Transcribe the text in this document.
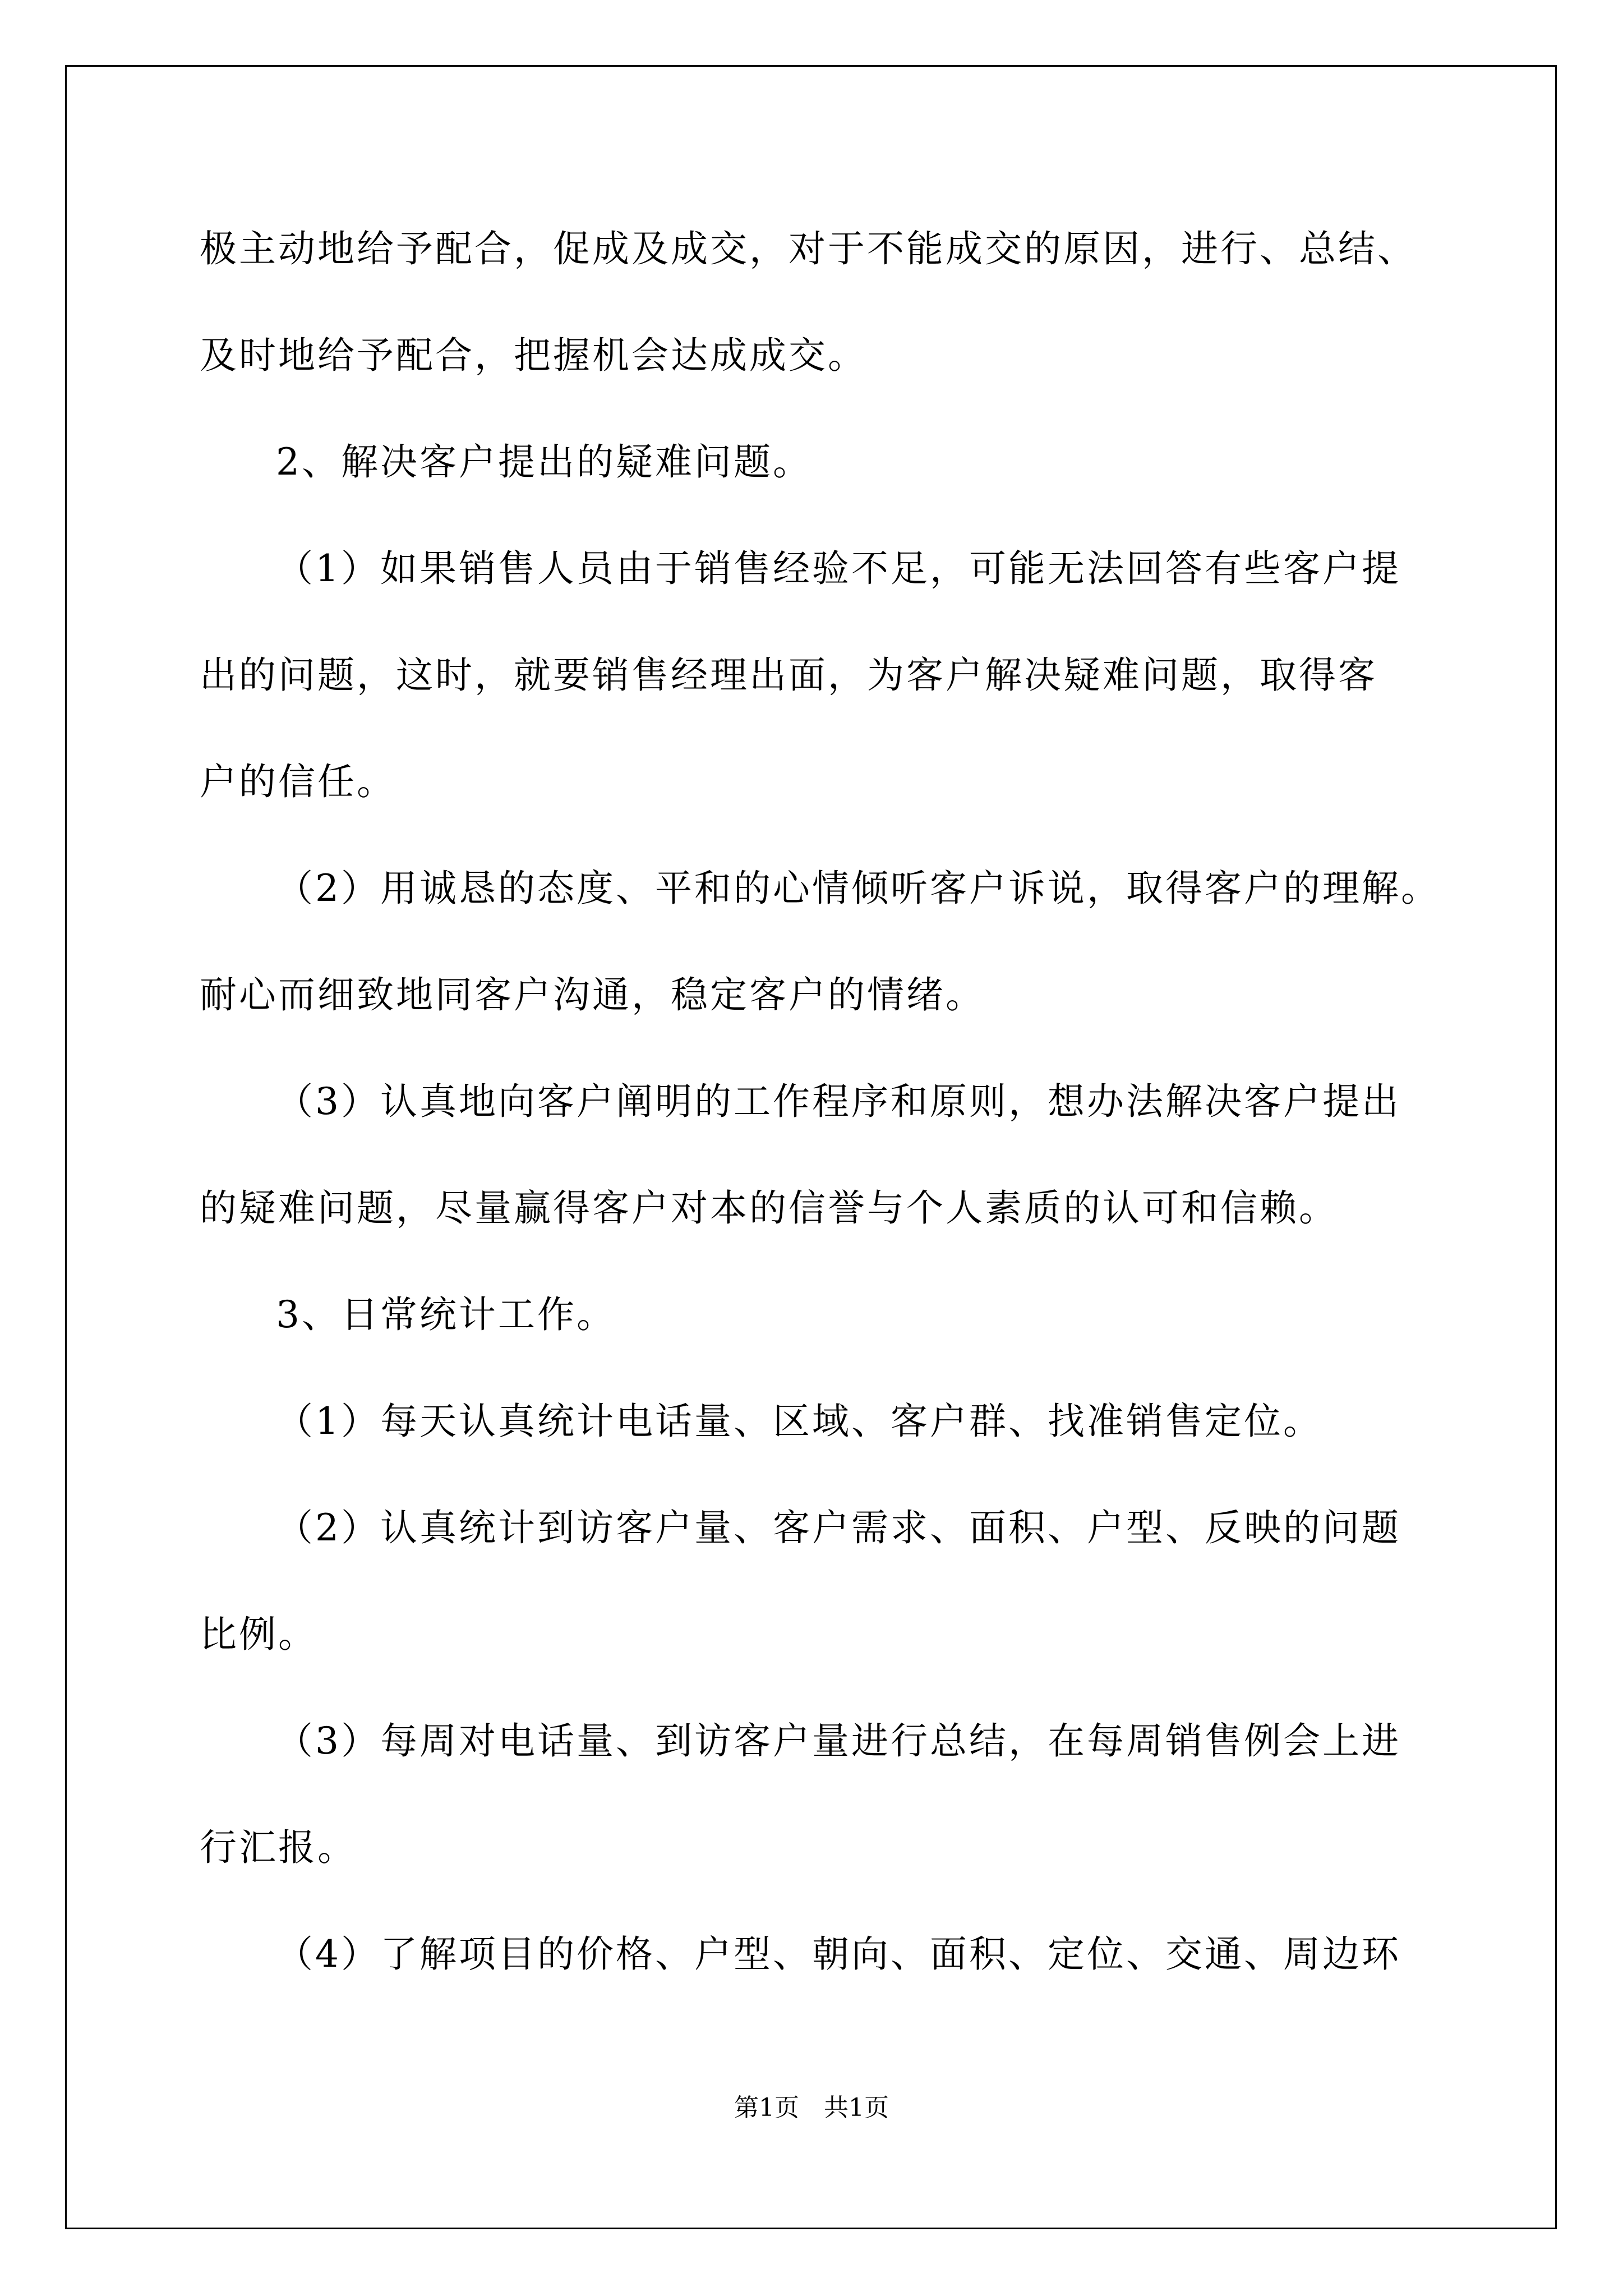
极主动地给予配合，促成及成交，对于不能成交的原因，进行、总结、
及时地给予配合，把握机会达成成交。
2、解决客户提出的疑难问题。
（1）如果销售人员由于销售经验不足，可能无法回答有些客户提
出的问题，这时，就要销售经理出面，为客户解决疑难问题，取得客
户的信任。
（2）用诚恳的态度、平和的心情倾听客户诉说，取得客户的理解。
耐心而细致地同客户沟通，稳定客户的情绪。
（3）认真地向客户阐明的工作程序和原则，想办法解决客户提出
的疑难问题，尽量赢得客户对本的信誉与个人素质的认可和信赖。
3、日常统计工作。
（1）每天认真统计电话量、区域、客户群、找准销售定位。
（2）认真统计到访客户量、客户需求、面积、户型、反映的问题
比例。
（3）每周对电话量、到访客户量进行总结，在每周销售例会上进
行汇报。
（4）了解项目的价格、户型、朝向、面积、定位、交通、周边环
第1页　共1页
